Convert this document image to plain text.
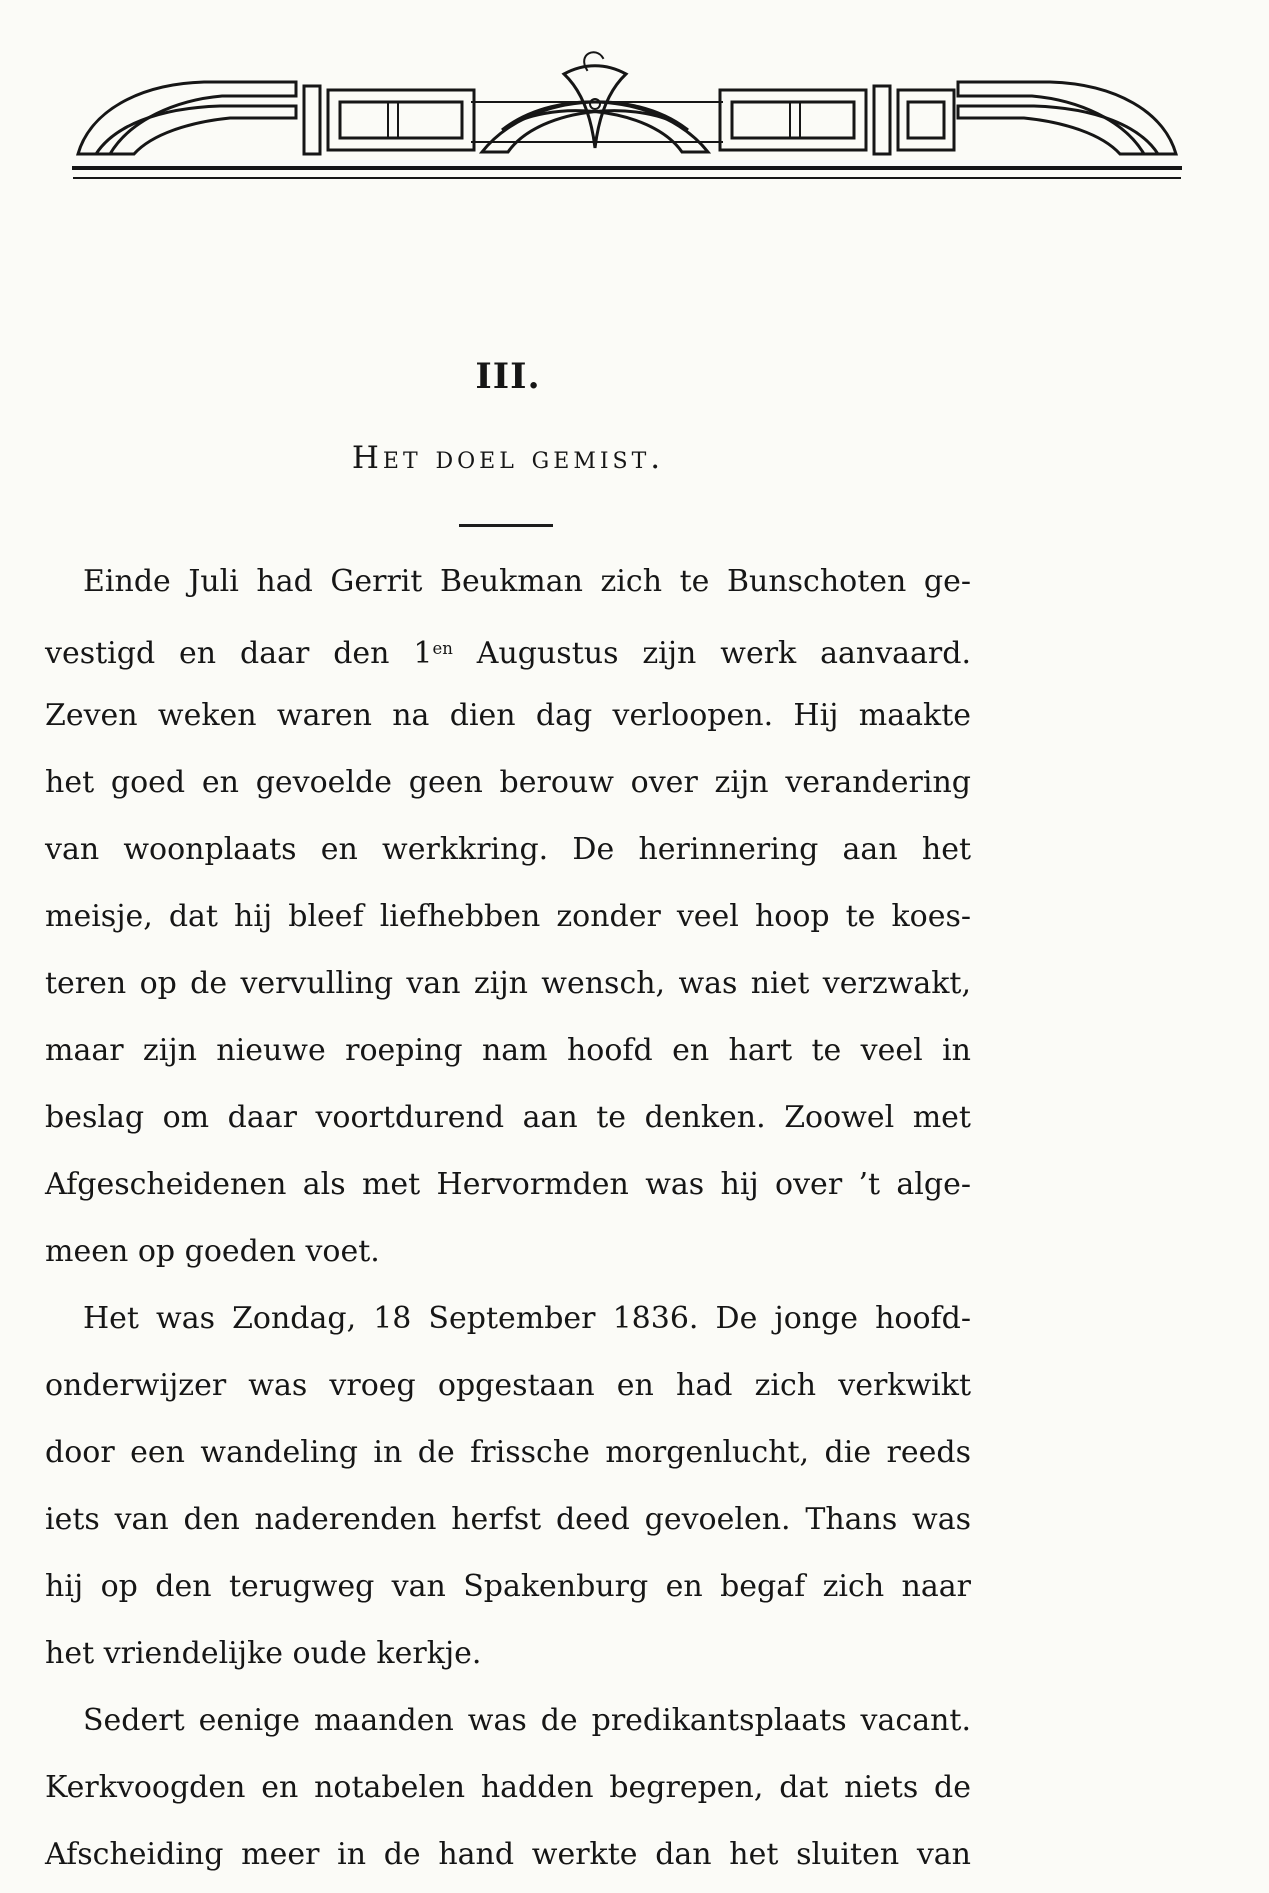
III.
Het doel gemist.
Einde Juli had Gerrit Beukman zich te Bunschoten ge-
vestigd en daar den $1^{en}$ Augustus zijn werk aanvaard.
Zeven weken waren na dien dag verloopen. Hij maakte
het goed en gevoelde geen berouw over zijn verandering
van woonplaats en werkkring. De herinnering aan het
meisje, dat hij bleef liefhebben zonder veel hoop te koes-
teren op de vervulling van zijn wensch, was niet verzwakt,
maar zijn nieuwe roeping nam hoofd en hart te veel in
beslag om daar voortdurend aan te denken. Zoowel met
Afgescheidenen als met Hervormden was hij over ’t alge-
meen op goeden voet.
Het was Zondag, 18 September 1836. De jonge hoofd-
onderwijzer was vroeg opgestaan en had zich verkwikt
door een wandeling in de frissche morgenlucht, die reeds
iets van den naderenden herfst deed gevoelen. Thans was
hij op den terugweg van Spakenburg en begaf zich naar
het vriendelijke oude kerkje.
Sedert eenige maanden was de predikantsplaats vacant.
Kerkvoogden en notabelen hadden begrepen, dat niets de
Afscheiding meer in de hand werkte dan het sluiten van
